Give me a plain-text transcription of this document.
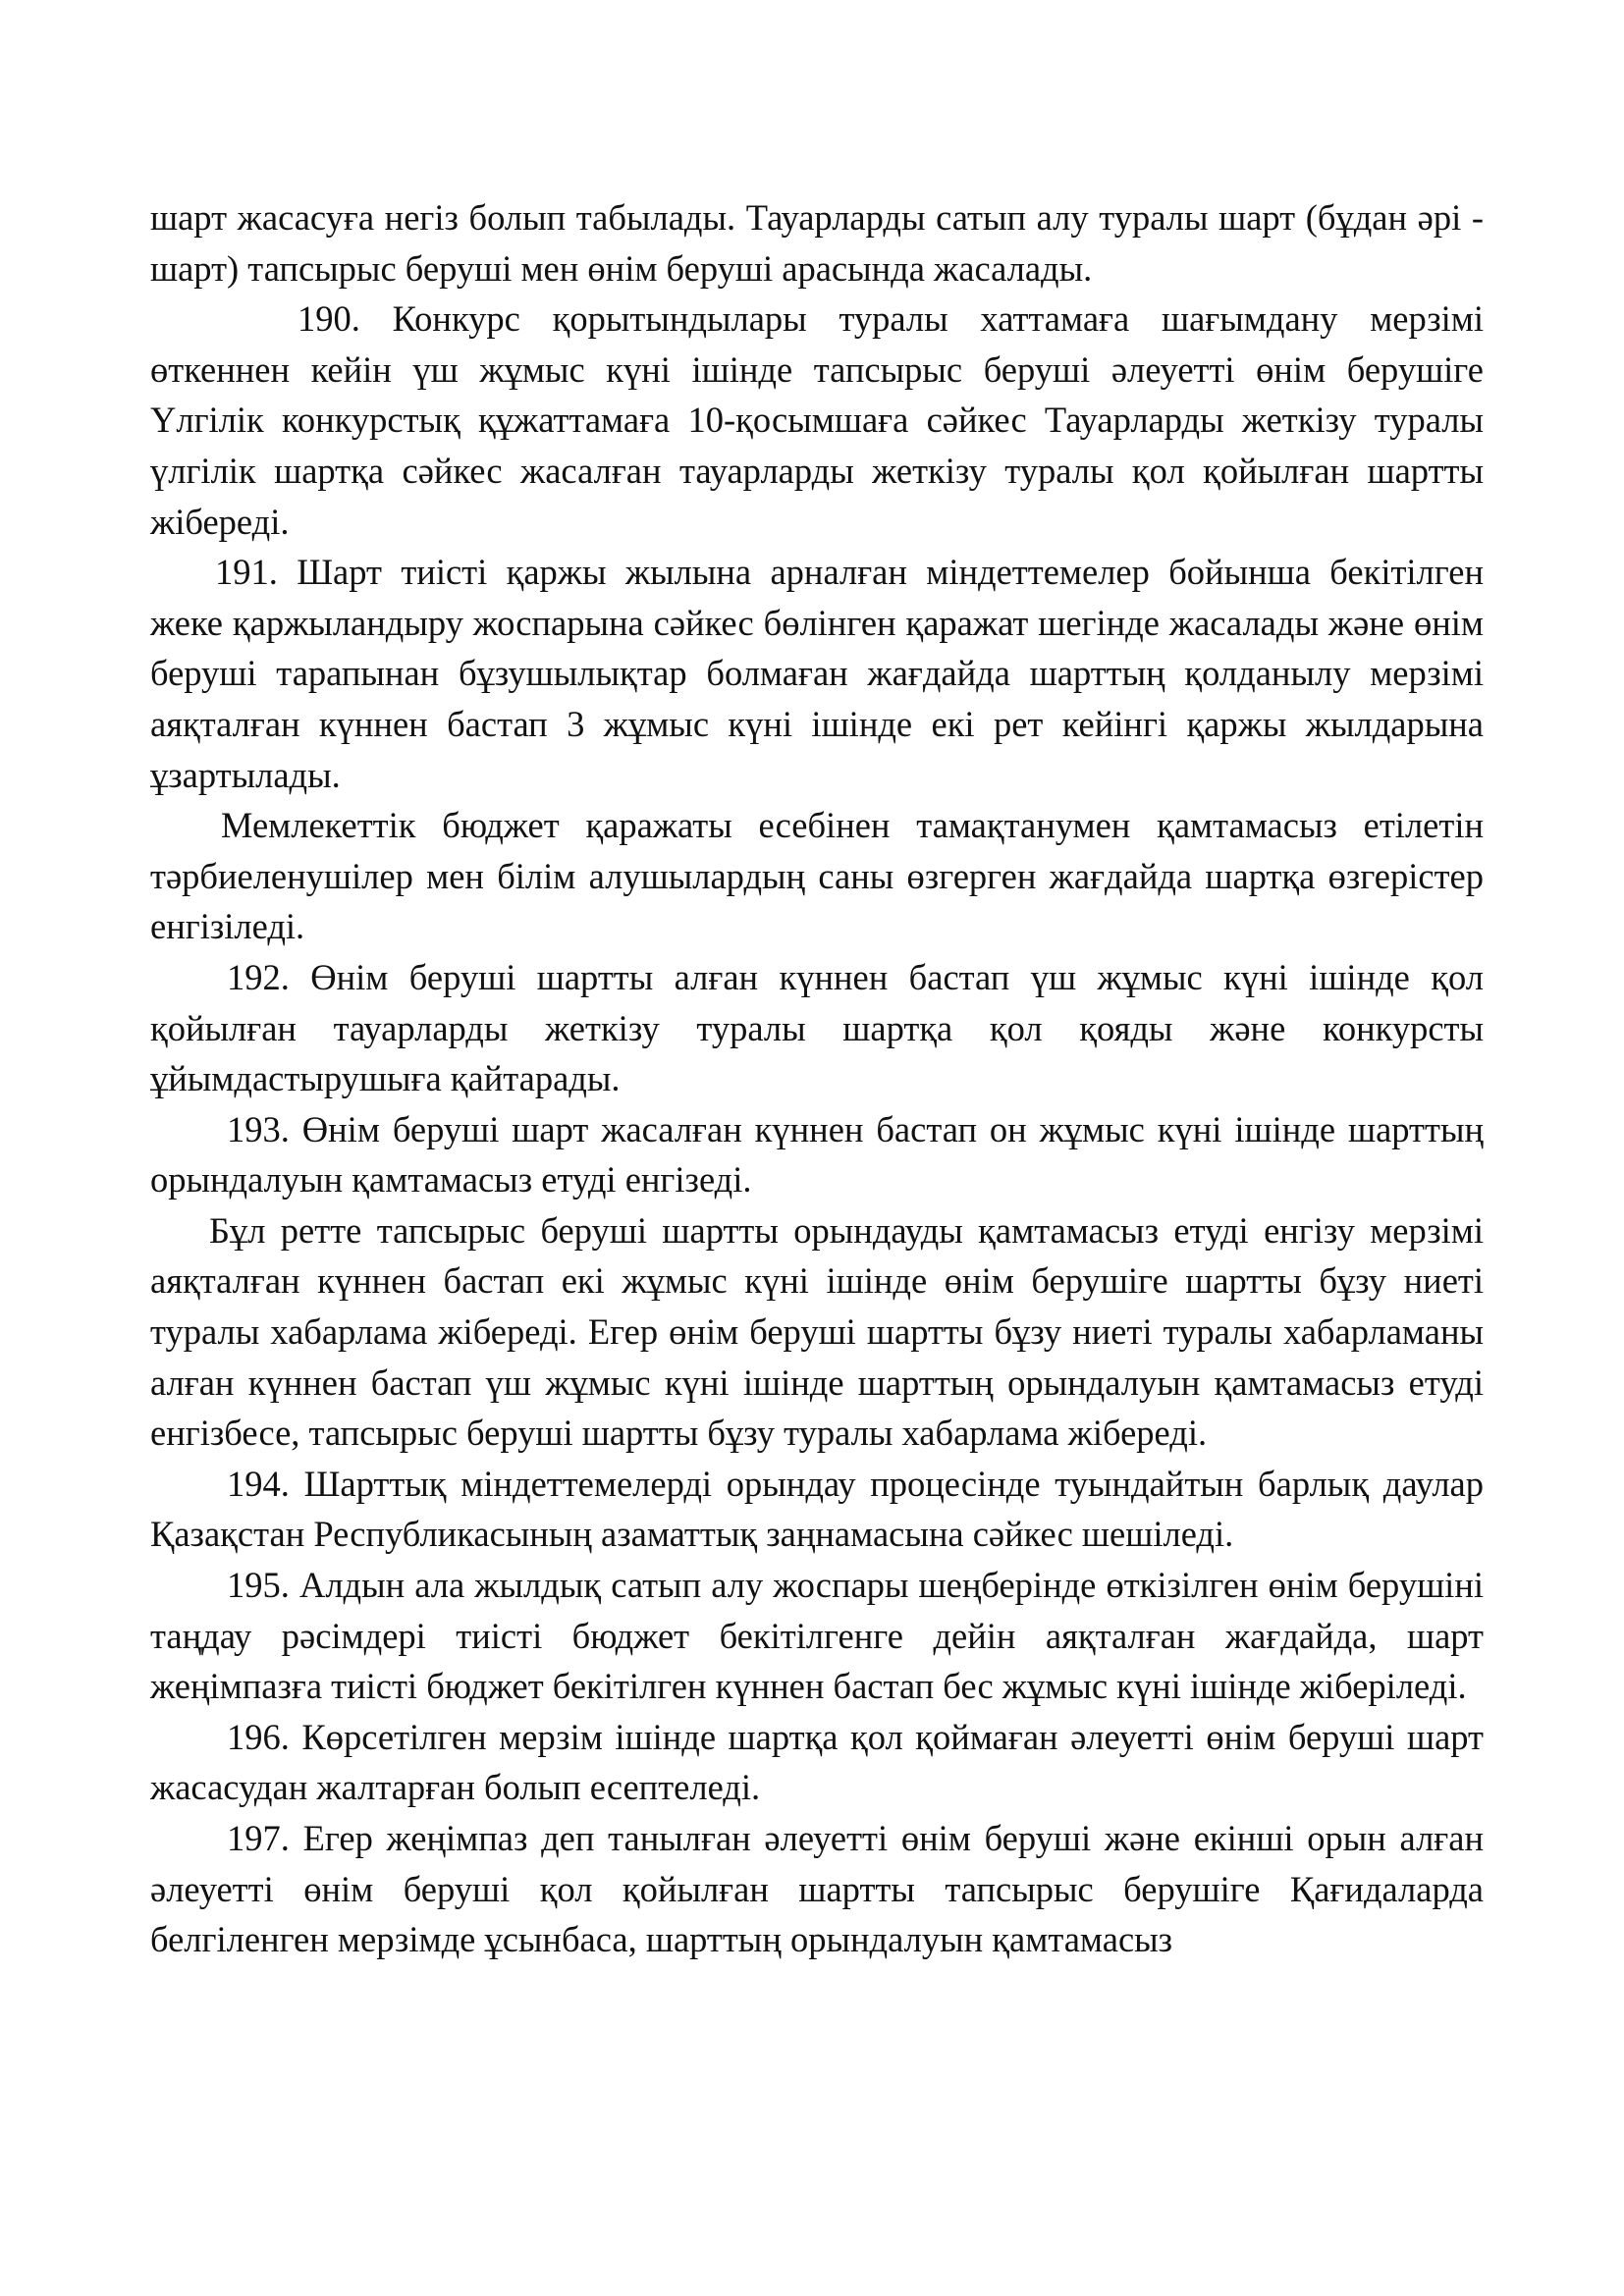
шарт жасасуға негіз болып табылады. Тауарларды сатып алу туралы шарт (бұдан әрі - шарт) тапсырыс беруші мен өнім беруші арасында жасалады.

190. Конкурс қорытындылары туралы хаттамаға шағымдану мерзімі өткеннен кейін үш жұмыс күні ішінде тапсырыс беруші әлеуетті өнім берушіге Үлгілік конкурстық құжаттамаға 10-қосымшаға сәйкес Тауарларды жеткізу туралы үлгілік шартқа сәйкес жасалған тауарларды жеткізу туралы қол қойылған шартты жібереді.

191. Шарт тиісті қаржы жылына арналған міндеттемелер бойынша бекітілген жеке қаржыландыру жоспарына сәйкес бөлінген қаражат шегінде жасалады және өнім беруші тарапынан бұзушылықтар болмаған жағдайда шарттың қолданылу мерзімі аяқталған күннен бастап 3 жұмыс күні ішінде екі рет кейінгі қаржы жылдарына ұзартылады.

Мемлекеттік бюджет қаражаты есебінен тамақтанумен қамтамасыз етілетін тәрбиеленушілер мен білім алушылардың саны өзгерген жағдайда шартқа өзгерістер енгізіледі.

192. Өнім беруші шартты алған күннен бастап үш жұмыс күні ішінде қол қойылған тауарларды жеткізу туралы шартқа қол қояды және конкурсты ұйымдастырушыға қайтарады.

193. Өнім беруші шарт жасалған күннен бастап он жұмыс күні ішінде шарттың орындалуын қамтамасыз етуді енгізеді.

Бұл ретте тапсырыс беруші шартты орындауды қамтамасыз етуді енгізу мерзімі аяқталған күннен бастап екі жұмыс күні ішінде өнім берушіге шартты бұзу ниеті туралы хабарлама жібереді. Егер өнім беруші шартты бұзу ниеті туралы хабарламаны алған күннен бастап үш жұмыс күні ішінде шарттың орындалуын қамтамасыз етуді енгізбесе, тапсырыс беруші шартты бұзу туралы хабарлама жібереді.

194. Шарттық міндеттемелерді орындау процесінде туындайтын барлық даулар Қазақстан Республикасының азаматтық заңнамасына сәйкес шешіледі.

195. Алдын ала жылдық сатып алу жоспары шеңберінде өткізілген өнім берушіні таңдау рәсімдері тиісті бюджет бекітілгенге дейін аяқталған жағдайда, шарт жеңімпазға тиісті бюджет бекітілген күннен бастап бес жұмыс күні ішінде жіберіледі.

196. Көрсетілген мерзім ішінде шартқа қол қоймаған әлеуетті өнім беруші шарт жасасудан жалтарған болып есептеледі.

197. Егер жеңімпаз деп танылған әлеуетті өнім беруші және екінші орын алған әлеуетті өнім беруші қол қойылған шартты тапсырыс берушіге Қағидаларда белгіленген мерзімде ұсынбаса, шарттың орындалуын қамтамасыз
